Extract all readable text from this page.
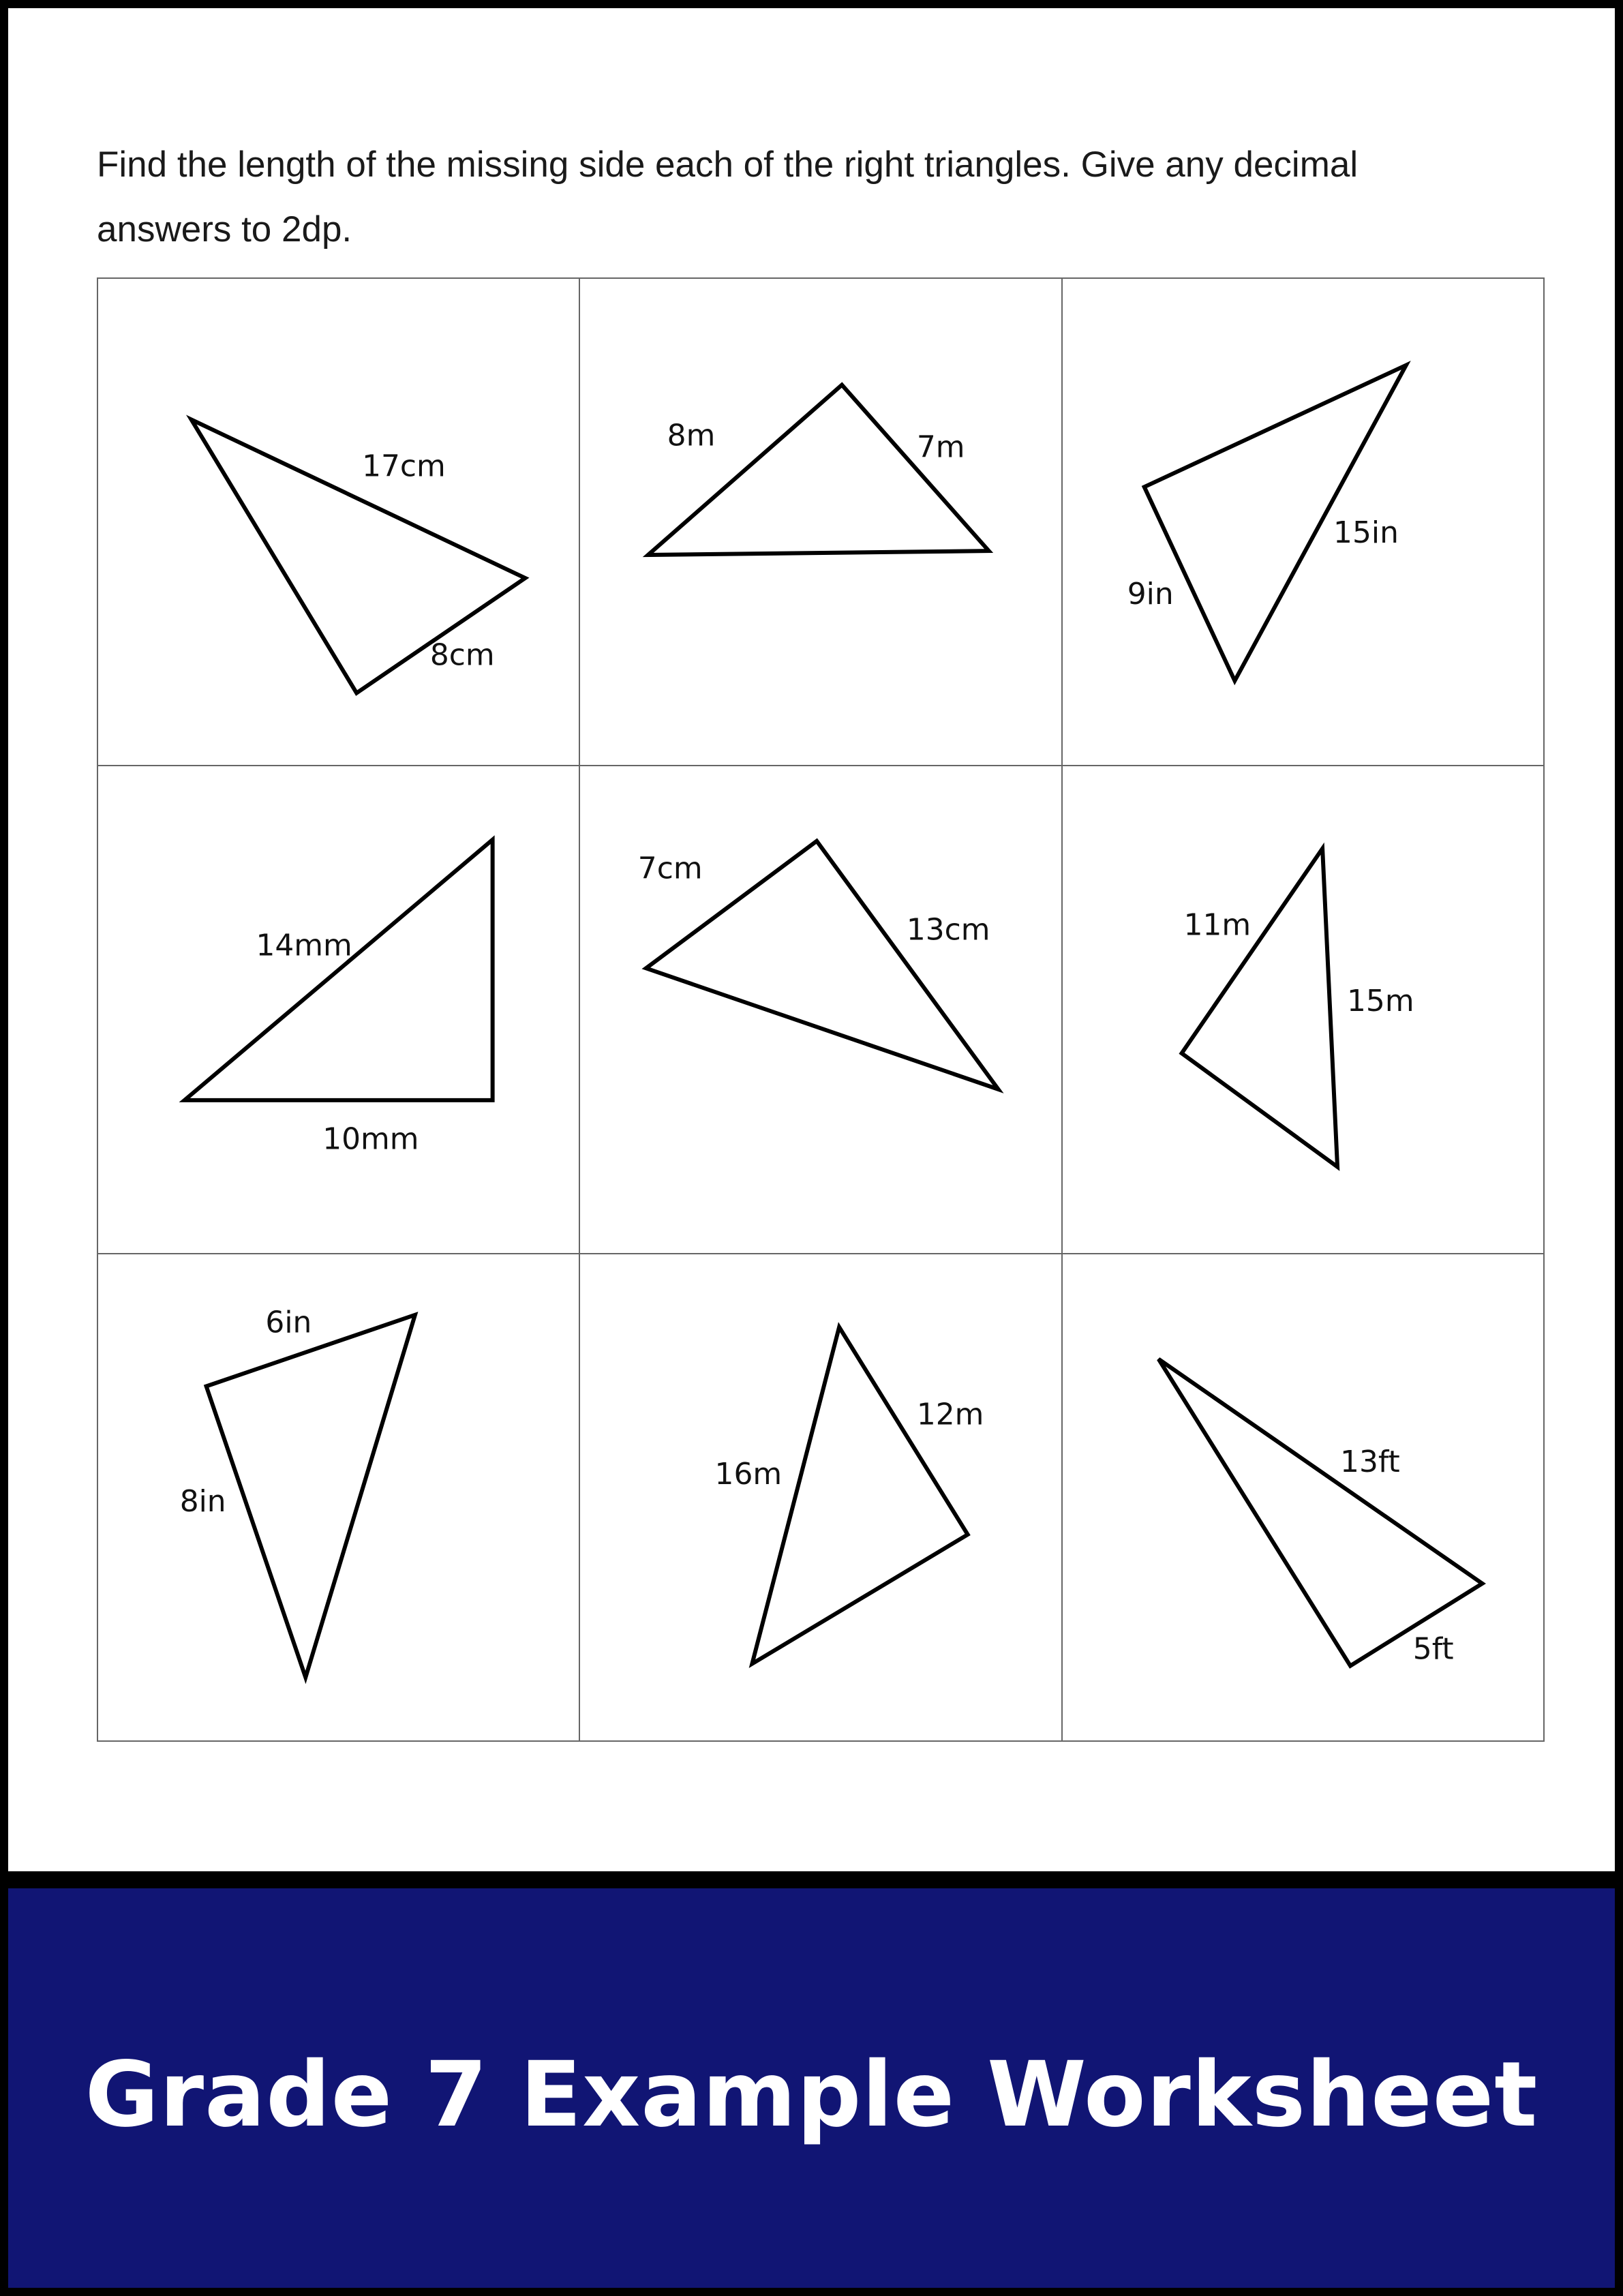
Find the length of the missing side each of the right triangles. Give any decimal
answers to 2dp.

17cm
8cm
8m	7m
15in
9in
14mm
10mm
7cm
13cm	11m
15m
6in
8in
12m
16m	13ft
5ft
Grade 7 Example Worksheet
